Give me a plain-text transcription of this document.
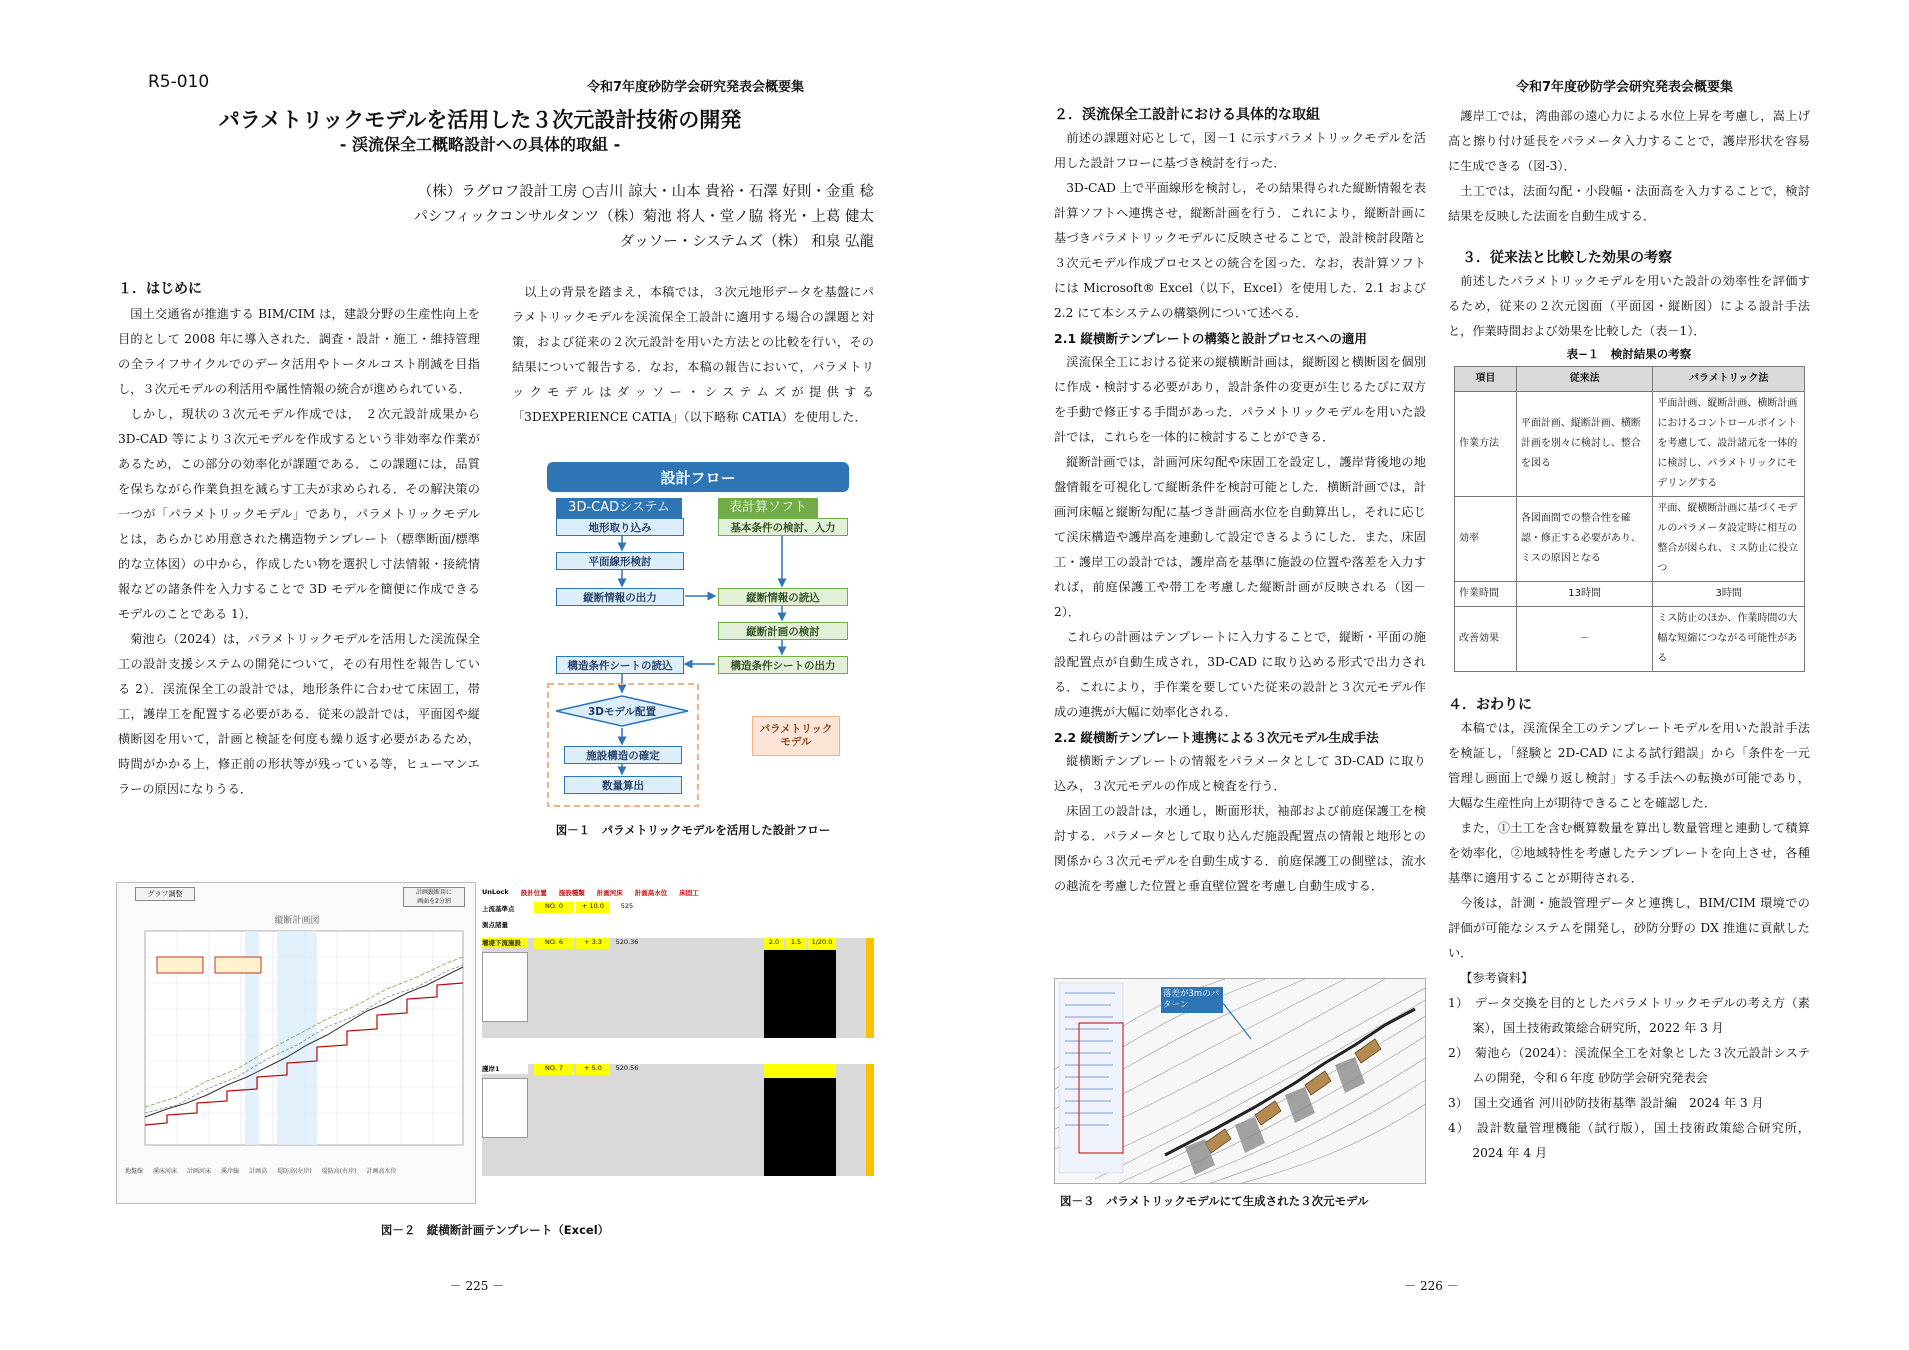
R5-010	令和7年度砂防学会研究発表会概要集
パラメトリックモデルを活用した３次元設計技術の開発
- 渓流保全工概略設計への具体的取組 -
（株）ラグロフ設計工房 ○吉川 諒大・山本 貴裕・石澤 好則・金重 稔
パシフィックコンサルタンツ（株）菊池 将人・堂ノ脇 将光・上葛 健太
ダッソー・システムズ（株） 和泉 弘龍
１．はじめに

国土交通省が推進する BIM/CIM は，建設分野の生産性向上を目的として 2008 年に導入された．調査・設計・施工・維持管理の全ライフサイクルでのデータ活用やトータルコスト削減を目指し，３次元モデルの利活用や属性情報の統合が進められている．

しかし，現状の３次元モデル作成では， ２次元設計成果から 3D-CAD 等により３次元モデルを作成するという非効率な作業があるため，この部分の効率化が課題である．この課題には，品質を保ちながら作業負担を減らす工夫が求められる．その解決策の一つが「パラメトリックモデル」であり，パラメトリックモデルとは，あらかじめ用意された構造物テンプレート（標準断面/標準的な立体図）の中から，作成したい物を選択し寸法情報・接続情報などの諸条件を入力することで 3D モデルを簡便に作成できるモデルのことである 1）．

菊池ら（2024）は，パラメトリックモデルを活用した渓流保全工の設計支援システムの開発について，その有用性を報告している 2）．渓流保全工の設計では，地形条件に合わせて床固工，帯工，護岸工を配置する必要がある．従来の設計では，平面図や縦横断図を用いて，計画と検証を何度も繰り返す必要があるため，時間がかかる上，修正前の形状等が残っている等，ヒューマンエラーの原因になりうる．

以上の背景を踏まえ，本稿では，３次元地形データを基盤にパラメトリックモデルを渓流保全工設計に適用する場合の課題と対策，および従来の２次元設計を用いた方法との比較を行い，その結果について報告する．なお，本稿の報告において，パラメトリックモデルはダッソー・システムズが提供する「3DEXPERIENCE CATIA」（以下略称 CATIA）を使用した．

設計フロー
3D-CADシステム	表計算ソフト
地形取り込み	基本条件の検討、入力
平面線形検討
縦断情報の出力	縦断情報の読込
縦断計画の検討
構造条件シートの読込	構造条件シートの出力
3Dモデル配置
施設構造の確定
数量算出
パラメトリック
モデル
図－１　パラメトリックモデルを活用した設計フロー
グラフ調整	計画縦断用に
画面を2分割
縦断計画図
地盤線 溪床河床 計画河床 溪岸線 計画高 堤防高(左岸) 堤防高(右岸) 計画高水位
UnLock 設計位置 施設種類 計画河床 計画高水位 床固工
上流基準点	NO. 0	+ 10.0	525
測点諸量
堰堤下流施設	NO. 6	+ 3.3	520.36	2.0	1.5	1/20.0
護岸1	NO. 7	+ 5.0	520.56
図－２　縦横断計画テンプレート（Excel）
－ 225 －
令和7年度砂防学会研究発表会概要集
２．渓流保全工設計における具体的な取組

前述の課題対応として，図－1 に示すパラメトリックモデルを活用した設計フローに基づき検討を行った．

3D-CAD 上で平面線形を検討し，その結果得られた縦断情報を表計算ソフトへ連携させ，縦断計画を行う．これにより，縦断計画に基づきパラメトリックモデルに反映させることで，設計検討段階と３次元モデル作成プロセスとの統合を図った．なお，表計算ソフトには Microsoft® Excel（以下，Excel）を使用した．2.1 および 2.2 にて本システムの構築例について述べる．

2.1 縦横断テンプレートの構築と設計プロセスへの適用

渓流保全工における従来の縦横断計画は，縦断図と横断図を個別に作成・検討する必要があり，設計条件の変更が生じるたびに双方を手動で修正する手間があった．パラメトリックモデルを用いた設計では，これらを一体的に検討することができる．

縦断計画では，計画河床勾配や床固工を設定し，護岸背後地の地盤情報を可視化して縦断条件を検討可能とした．横断計画では，計画河床幅と縦断勾配に基づき計画高水位を自動算出し，それに応じて渓床構造や護岸高を連動して設定できるようにした．また，床固工・護岸工の設計では，護岸高を基準に施設の位置や落差を入力すれば，前庭保護工や帯工を考慮した縦断計画が反映される（図－2）．

これらの計画はテンプレートに入力することで，縦断・平面の施設配置点が自動生成され，3D-CAD に取り込める形式で出力される．これにより，手作業を要していた従来の設計と３次元モデル作成の連携が大幅に効率化される．

2.2 縦横断テンプレート連携による３次元モデル生成手法

縦横断テンプレートの情報をパラメータとして 3D-CAD に取り込み，３次元モデルの作成と検査を行う．

床固工の設計は，水通し，断面形状，袖部および前庭保護工を検討する．パラメータとして取り込んだ施設配置点の情報と地形との関係から３次元モデルを自動生成する．前庭保護工の側壁は，流水の越流を考慮した位置と垂直壁位置を考慮し自動生成する．

落差が3mのパターン
図－３　パラメトリックモデルにて生成された３次元モデル

護岸工では，湾曲部の遠心力による水位上昇を考慮し，嵩上げ高と擦り付け延長をパラメータ入力することで，護岸形状を容易に生成できる（図-3）．

土工では，法面勾配・小段幅・法面高を入力することで，検討結果を反映した法面を自動生成する．

３．従来法と比較した効果の考察

前述したパラメトリックモデルを用いた設計の効率性を評価するため，従来の２次元図面（平面図・縦断図）による設計手法と，作業時間および効果を比較した（表－1）．

表−１　検討結果の考察
項目	従来法	パラメトリック法
作業方法	平面計画、縦断計画、横断計画を別々に検討し、整合を図る	平面計画、縦断計画、横断計画におけるコントロールポイントを考慮して、設計諸元を一体的に検討し、パラメトリックにモデリングする
効率	各図面間での整合性を確認・修正する必要があり、ミスの原因となる	平面、縦横断計画に基づくモデルのパラメータ設定時に相互の整合が図られ、ミス防止に役立つ
作業時間	13時間	3時間
改善効果	－	ミス防止のほか、作業時間の大幅な短縮につながる可能性がある
４．おわりに

本稿では，渓流保全工のテンプレートモデルを用いた設計手法を検証し，「経験と 2D-CAD による試行錯誤」から「条件を一元管理し画面上で繰り返し検討」する手法への転換が可能であり，大幅な生産性向上が期待できることを確認した．

また，①土工を含む概算数量を算出し数量管理と連動して積算を効率化，②地域特性を考慮したテンプレートを向上させ，各種基準に適用することが期待される．

今後は，計測・施設管理データと連携し，BIM/CIM 環境での評価が可能なシステムを開発し，砂防分野の DX 推進に貢献したい．

【参考資料】

1）　データ交換を目的としたパラメトリックモデルの考え方（素案），国土技術政策総合研究所，2022 年 3 月

2）　菊池ら（2024）：渓流保全工を対象とした３次元設計システムの開発，令和６年度 砂防学会研究発表会

3）　国土交通省 河川砂防技術基準 設計編　2024 年 3 月

4）　設計数量管理機能（試行版），国土技術政策総合研究所，2024 年 4 月

－ 226 －
